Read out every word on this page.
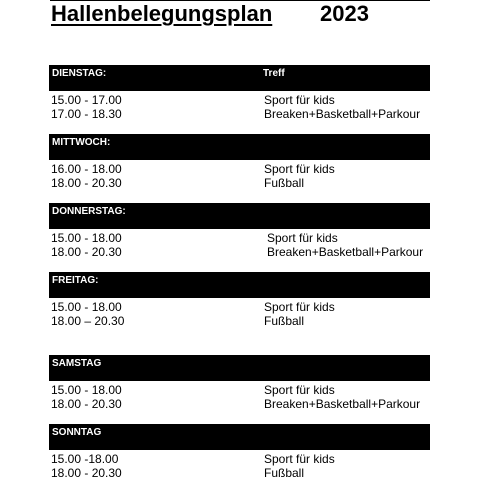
Hallenbelegungsplan 2023
DIENSTAG:	Treff
15.00 - 17.00	Sport für kids
17.00 - 18.30	Breaken+Basketball+Parkour
MITTWOCH:
16.00 - 18.00	Sport für kids
18.00 - 20.30	Fußball
DONNERSTAG:
15.00 - 18.00	Sport für kids
18.00 - 20.30	Breaken+Basketball+Parkour
FREITAG:
15.00 - 18.00	Sport für kids
18.00 – 20.30	Fußball
SAMSTAG
15.00 - 18.00	Sport für kids
18.00 - 20.30	Breaken+Basketball+Parkour
SONNTAG
15.00 -18.00	Sport für kids
18.00 - 20.30	Fußball
